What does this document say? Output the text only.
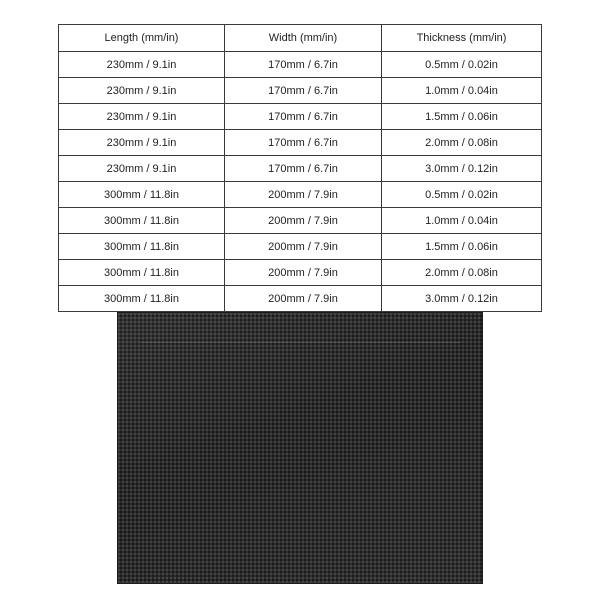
Length (mm/in)	Width (mm/in)	Thickness (mm/in)
230mm / 9.1in	170mm / 6.7in	0.5mm / 0.02in
230mm / 9.1in	170mm / 6.7in	1.0mm / 0.04in
230mm / 9.1in	170mm / 6.7in	1.5mm / 0.06in
230mm / 9.1in	170mm / 6.7in	2.0mm / 0.08in
230mm / 9.1in	170mm / 6.7in	3.0mm / 0.12in
300mm / 11.8in	200mm / 7.9in	0.5mm / 0.02in
300mm / 11.8in	200mm / 7.9in	1.0mm / 0.04in
300mm / 11.8in	200mm / 7.9in	1.5mm / 0.06in
300mm / 11.8in	200mm / 7.9in	2.0mm / 0.08in
300mm / 11.8in	200mm / 7.9in	3.0mm / 0.12in
